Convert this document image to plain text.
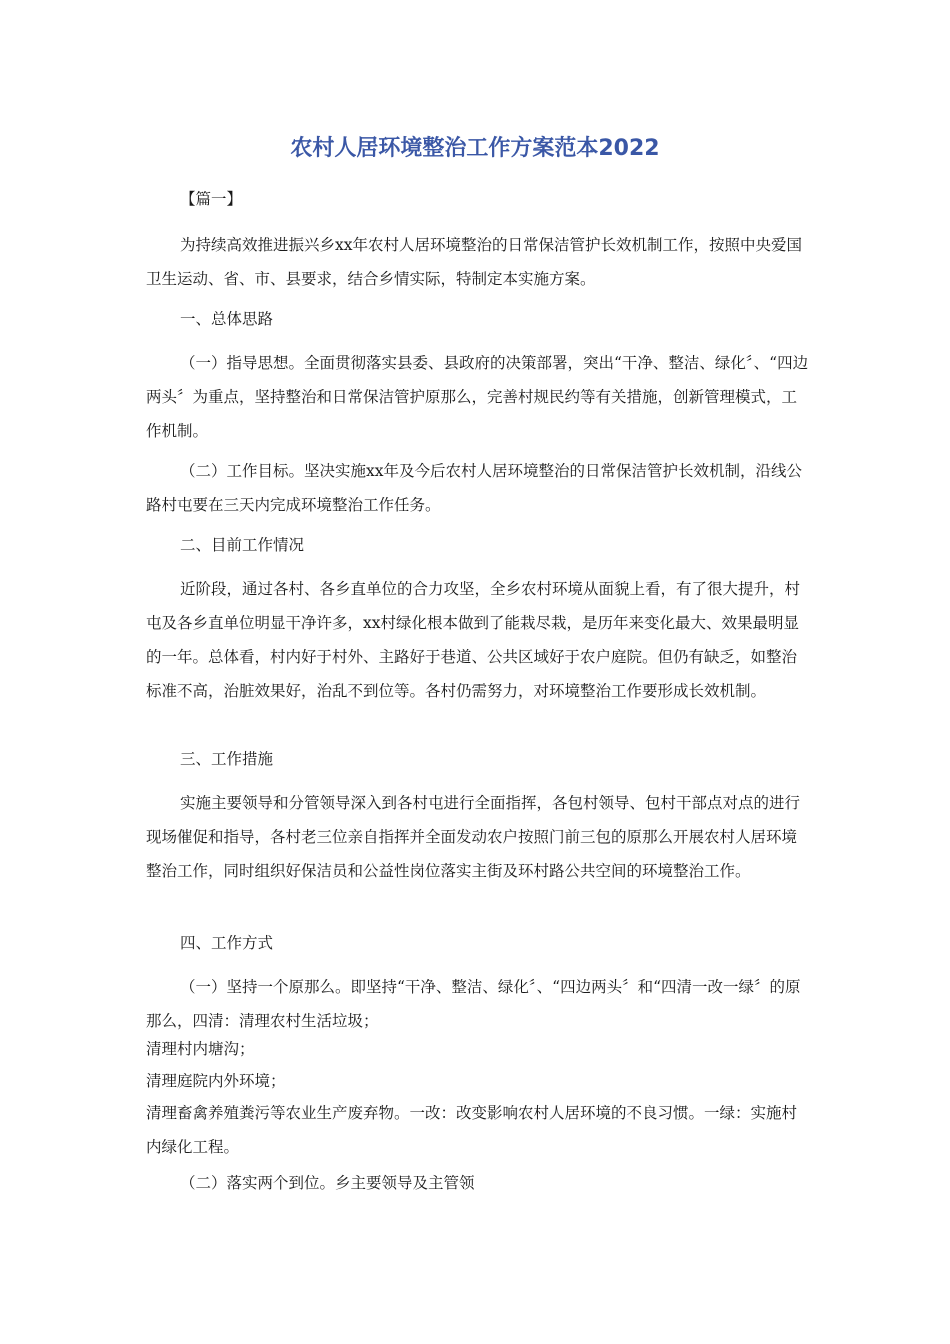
农村人居环境整治工作方案范本2022

【篇一】

为持续高效推进振兴乡xx年农村人居环境整治的日常保洁管护长效机制工作，按照中央爱国卫生运动、省、市、县要求，结合乡情实际，特制定本实施方案。

一、总体思路

（一）指导思想。全面贯彻落实县委、县政府的决策部署，突出“干净、整洁、绿化〞、“四边两头〞为重点，坚持整治和日常保洁管护原那么，完善村规民约等有关措施，创新管理模式，工作机制。

（二）工作目标。坚决实施xx年及今后农村人居环境整治的日常保洁管护长效机制，沿线公路村屯要在三天内完成环境整治工作任务。

二、目前工作情况

近阶段，通过各村、各乡直单位的合力攻坚，全乡农村环境从面貌上看，有了很大提升，村屯及各乡直单位明显干净许多，xx村绿化根本做到了能栽尽栽，是历年来变化最大、效果最明显的一年。总体看，村内好于村外、主路好于巷道、公共区域好于农户庭院。但仍有缺乏，如整治标准不高，治脏效果好，治乱不到位等。各村仍需努力，对环境整治工作要形成长效机制。

三、工作措施

实施主要领导和分管领导深入到各村屯进行全面指挥，各包村领导、包村干部点对点的进行现场催促和指导，各村老三位亲自指挥并全面发动农户按照门前三包的原那么开展农村人居环境整治工作，同时组织好保洁员和公益性岗位落实主街及环村路公共空间的环境整治工作。

四、工作方式

（一）坚持一个原那么。即坚持“干净、整洁、绿化〞、“四边两头〞和“四清一改一绿〞的原那么，四清：清理农村生活垃圾；

清理村内塘沟；

清理庭院内外环境；

清理畜禽养殖粪污等农业生产废弃物。一改：改变影响农村人居环境的不良习惯。一绿：实施村内绿化工程。

（二）落实两个到位。乡主要领导及主管领
